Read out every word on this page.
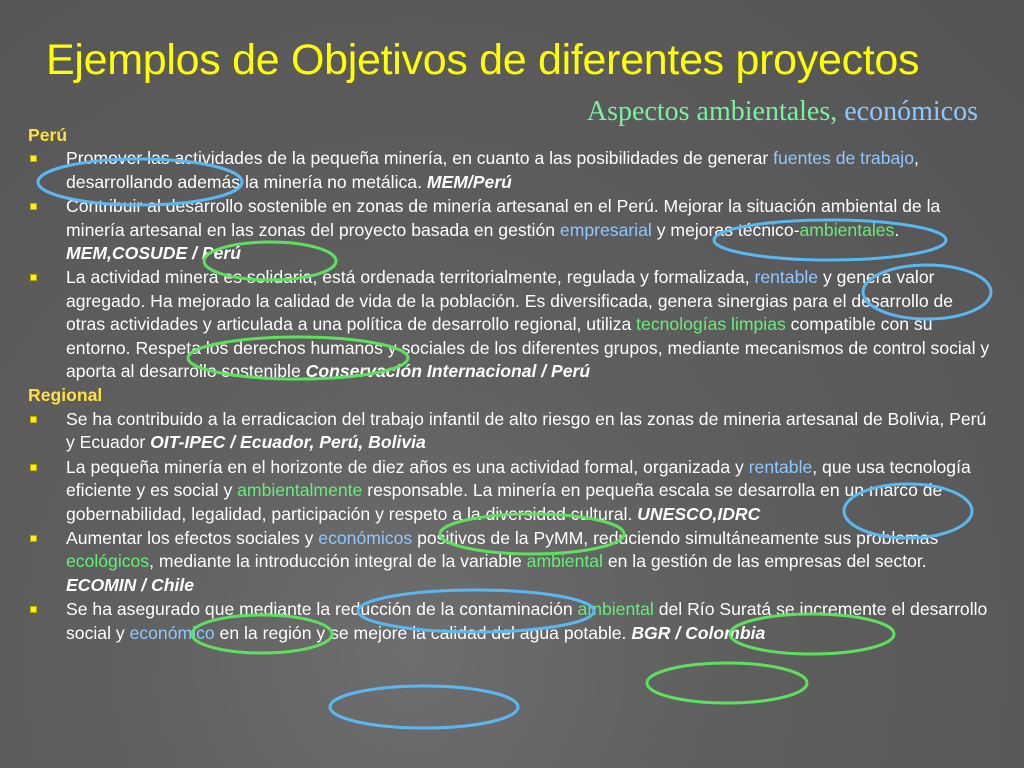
Ejemplos de Objetivos de diferentes proyectos
Aspectos ambientales, económicos

Perú

Promover las actividades de la pequeña minería, en cuanto a las posibilidades de generar fuentes de trabajo, desarrollando además la minería no metálica. MEM/Perú
Contribuir al desarrollo sostenible en zonas de minería artesanal en el Perú. Mejorar la situación ambiental de la minería artesanal en las zonas del proyecto basada en gestión empresarial y mejoras técnico-ambientales. MEM,COSUDE / Perú
La actividad minera es solidaria, está ordenada territorialmente, regulada y formalizada, rentable y genera valor agregado. Ha mejorado la calidad de vida de la población. Es diversificada, genera sinergias para el desarrollo de otras actividades y articulada a una política de desarrollo regional, utiliza tecnologías limpias compatible con su entorno. Respeta los derechos humanos y sociales de los diferentes grupos, mediante mecanismos de control social y aporta al desarrollo sostenible Conservación Internacional / Perú

Regional

Se ha contribuido a la erradicacion del trabajo infantil de alto riesgo en las zonas de mineria artesanal de Bolivia, Perú y Ecuador OIT-IPEC / Ecuador, Perú, Bolivia
La pequeña minería en el horizonte de diez años es una actividad formal, organizada y rentable, que usa tecnología eficiente y es social y ambientalmente responsable. La minería en pequeña escala se desarrolla en un marco de gobernabilidad, legalidad, participación y respeto a la diversidad cultural. UNESCO,IDRC
Aumentar los efectos sociales y económicos positivos de la PyMM, reduciendo simultáneamente sus problemas ecológicos, mediante la introducción integral de la variable ambiental en la gestión de las empresas del sector. ECOMIN / Chile
Se ha asegurado que mediante la reducción de la contaminación ambiental del Río Suratá se incremente el desarrollo social y económico en la región y se mejore la calidad del agua potable. BGR / Colombia
